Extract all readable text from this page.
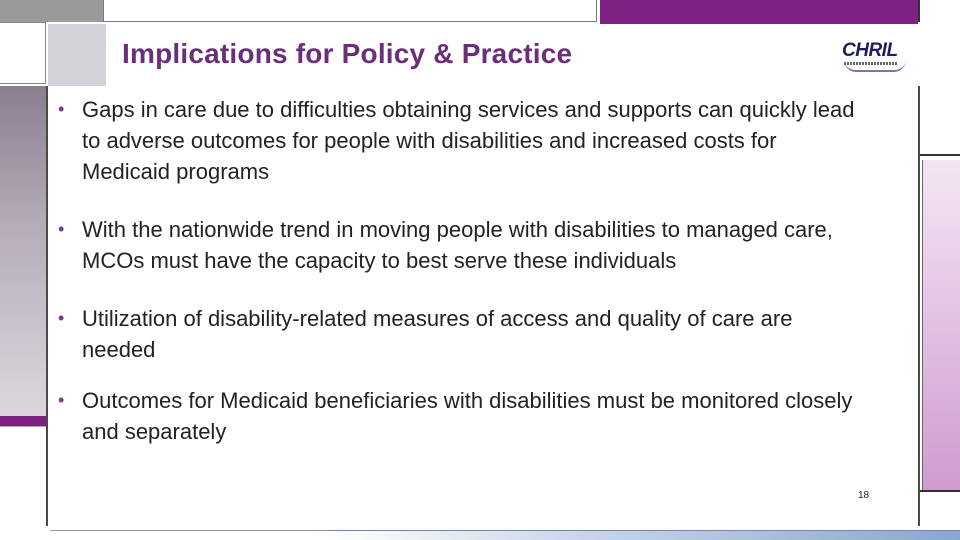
Implications for Policy & Practice	CHRIL
• Gaps in care due to difficulties obtaining services and supports can quickly lead to adverse outcomes for people with disabilities and increased costs for Medicaid programs
• With the nationwide trend in moving people with disabilities to managed care, MCOs must have the capacity to best serve these individuals
• Utilization of disability-related measures of access and quality of care are needed
• Outcomes for Medicaid beneficiaries with disabilities must be monitored closely and separately
18
